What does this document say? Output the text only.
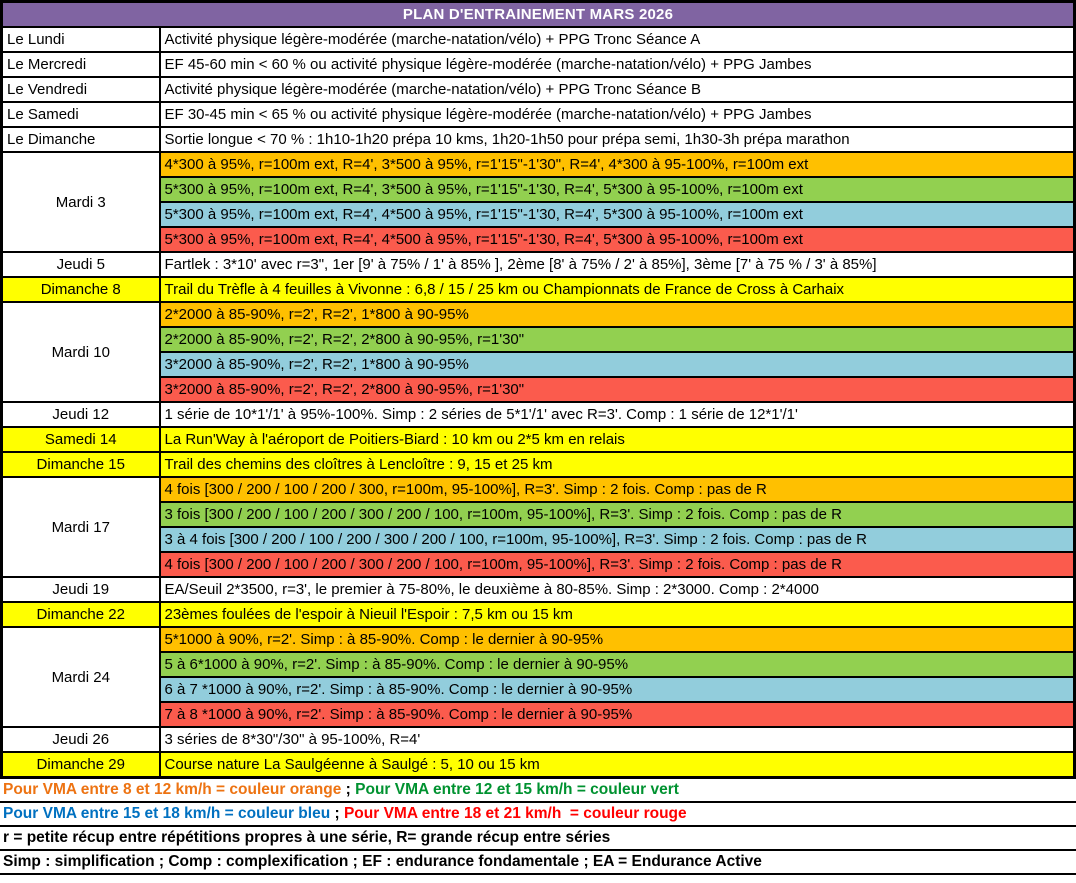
PLAN D'ENTRAINEMENT MARS 2026	
Le Lundi	Activité physique légère-modérée (marche-natation/vélo) + PPG Tronc Séance A
Le Mercredi	EF 45-60 min < 60 % ou activité physique légère-modérée (marche-natation/vélo) + PPG Jambes
Le Vendredi	Activité physique légère-modérée (marche-natation/vélo) + PPG Tronc Séance B
Le Samedi	EF 30-45 min < 65 % ou activité physique légère-modérée (marche-natation/vélo) + PPG Jambes
Le Dimanche	Sortie longue < 70 % : 1h10-1h20 prépa 10 kms, 1h20-1h50 pour prépa semi, 1h30-3h prépa marathon
Mardi 3	4*300 à 95%, r=100m ext, R=4', 3*500 à 95%, r=1'15"-1'30", R=4', 4*300 à 95-100%, r=100m ext
	5*300 à 95%, r=100m ext, R=4', 3*500 à 95%, r=1'15"-1'30, R=4', 5*300 à 95-100%, r=100m ext
	5*300 à 95%, r=100m ext, R=4', 4*500 à 95%, r=1'15"-1'30, R=4', 5*300 à 95-100%, r=100m ext
	5*300 à 95%, r=100m ext, R=4', 4*500 à 95%, r=1'15"-1'30, R=4', 5*300 à 95-100%, r=100m ext
Jeudi 5	Fartlek : 3*10' avec r=3", 1er [9' à 75% / 1' à 85% ], 2ème [8' à 75% / 2' à 85%], 3ème [7' à 75 % / 3' à 85%]
Dimanche 8	Trail du Trèfle à 4 feuilles à Vivonne : 6,8 / 15 / 25 km ou Championnats de France de Cross à Carhaix
Mardi 10	2*2000 à 85-90%, r=2', R=2', 1*800 à 90-95%
	2*2000 à 85-90%, r=2', R=2', 2*800 à 90-95%, r=1'30"
	3*2000 à 85-90%, r=2', R=2', 1*800 à 90-95%
	3*2000 à 85-90%, r=2', R=2', 2*800 à 90-95%, r=1'30"
Jeudi 12	1 série de 10*1'/1' à 95%-100%. Simp : 2 séries de 5*1'/1' avec R=3'. Comp : 1 série de 12*1'/1'
Samedi 14	La Run'Way à l'aéroport de Poitiers-Biard : 10 km ou 2*5 km en relais
Dimanche 15	Trail des chemins des cloîtres à Lencloître : 9, 15 et 25 km
Mardi 17	4 fois [300 / 200 / 100 / 200 / 300, r=100m, 95-100%], R=3'. Simp : 2 fois. Comp : pas de R
	3 fois [300 / 200 / 100 / 200 / 300 / 200 / 100, r=100m, 95-100%], R=3'. Simp : 2 fois. Comp : pas de R
	3 à 4 fois [300 / 200 / 100 / 200 / 300 / 200 / 100, r=100m, 95-100%], R=3'. Simp : 2 fois. Comp : pas de R
	4 fois [300 / 200 / 100 / 200 / 300 / 200 / 100, r=100m, 95-100%], R=3'. Simp : 2 fois. Comp : pas de R
Jeudi 19	EA/Seuil 2*3500, r=3', le premier à 75-80%, le deuxième à 80-85%. Simp : 2*3000. Comp : 2*4000
Dimanche 22	23èmes foulées de l'espoir à Nieuil l'Espoir : 7,5 km ou 15 km
Mardi 24	5*1000 à 90%, r=2'. Simp : à 85-90%. Comp : le dernier à 90-95%
	5 à 6*1000 à 90%, r=2'. Simp : à 85-90%. Comp : le dernier à 90-95%
	6 à 7 *1000 à 90%, r=2'. Simp : à 85-90%. Comp : le dernier à 90-95%
	7 à 8 *1000 à 90%, r=2'. Simp : à 85-90%. Comp : le dernier à 90-95%
Jeudi 26	3 séries de 8*30"/30" à 95-100%, R=4'
Dimanche 29	Course nature La Saulgéenne à Saulgé : 5, 10 ou 15 km
Pour VMA entre 8 et 12 km/h = couleur orange ; Pour VMA entre 12 et 15 km/h = couleur vert
Pour VMA entre 15 et 18 km/h = couleur bleu ; Pour VMA entre 18 et 21 km/h  = couleur rouge
r = petite récup entre répétitions propres à une série, R= grande récup entre séries
Simp : simplification ; Comp : complexification ; EF : endurance fondamentale ; EA = Endurance Active
